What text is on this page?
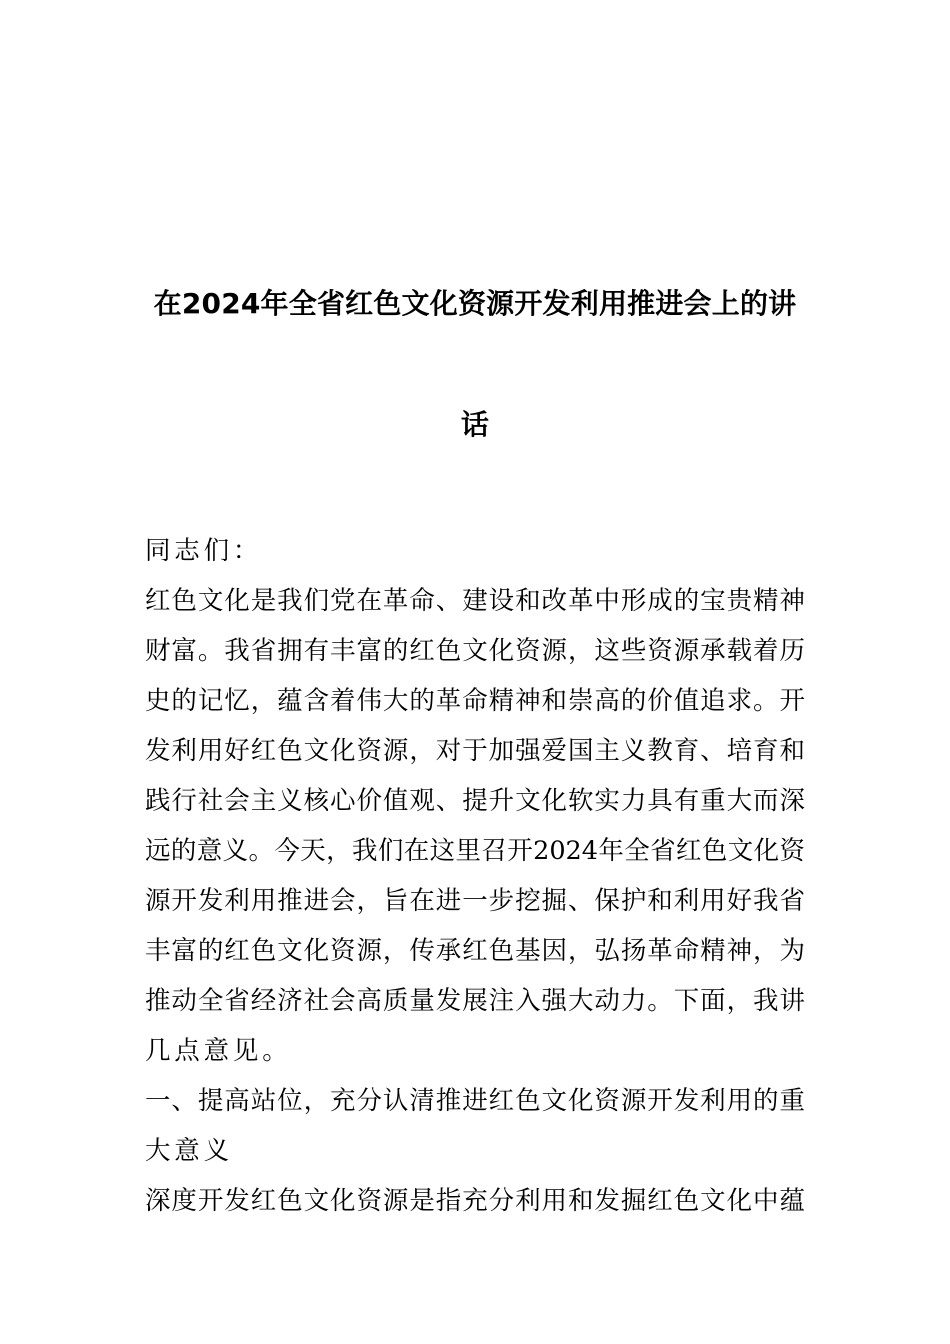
在2024年全省红色文化资源开发利用推进会上的讲
话
同志们：
红色文化是我们党在革命、建设和改革中形成的宝贵精神
财富。我省拥有丰富的红色文化资源，这些资源承载着历
史的记忆，蕴含着伟大的革命精神和崇高的价值追求。开
发利用好红色文化资源，对于加强爱国主义教育、培育和
践行社会主义核心价值观、提升文化软实力具有重大而深
远的意义。今天，我们在这里召开2024年全省红色文化资
源开发利用推进会，旨在进一步挖掘、保护和利用好我省
丰富的红色文化资源，传承红色基因，弘扬革命精神，为
推动全省经济社会高质量发展注入强大动力。下面，我讲
几点意见。
一、提高站位，充分认清推进红色文化资源开发利用的重
大意义
深度开发红色文化资源是指充分利用和发掘红色文化中蕴
